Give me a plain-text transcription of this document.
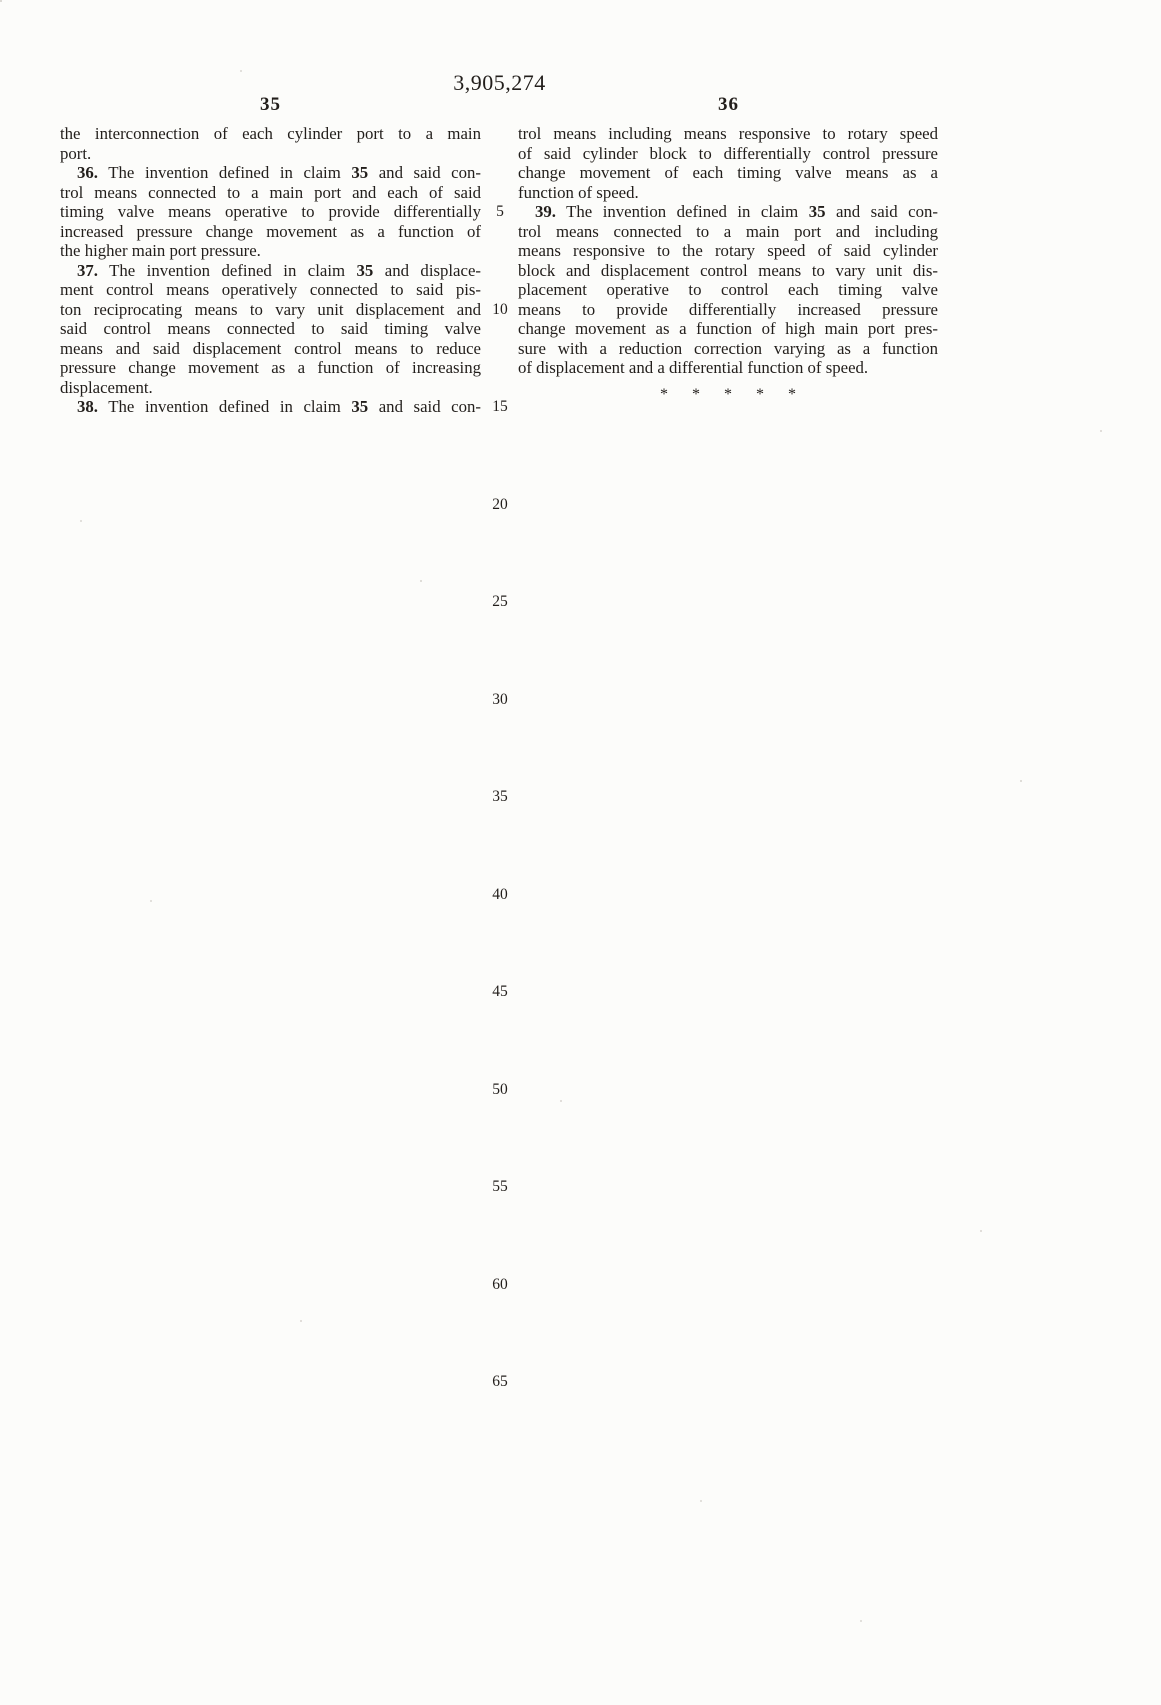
3,905,274
35	36
the interconnection of each cylinder port to a main
port.
36. The invention defined in claim 35 and said con-
trol means connected to a main port and each of said
timing valve means operative to provide differentially
increased pressure change movement as a function of
the higher main port pressure.
37. The invention defined in claim 35 and displace-
ment control means operatively connected to said pis-
ton reciprocating means to vary unit displacement and
said control means connected to said timing valve
means and said displacement control means to reduce
pressure change movement as a function of increasing
displacement.
38. The invention defined in claim 35 and said con-
trol means including means responsive to rotary speed
of said cylinder block to differentially control pressure
change movement of each timing valve means as a
function of speed.
39. The invention defined in claim 35 and said con-
trol means connected to a main port and including
means responsive to the rotary speed of said cylinder
block and displacement control means to vary unit dis-
placement operative to control each timing valve
means to provide differentially increased pressure
change movement as a function of high main port pres-
sure with a reduction correction varying as a function
of displacement and a differential function of speed.
* * * * *
5
10
15
20
25
30
35
40
45
50
55
60
65
